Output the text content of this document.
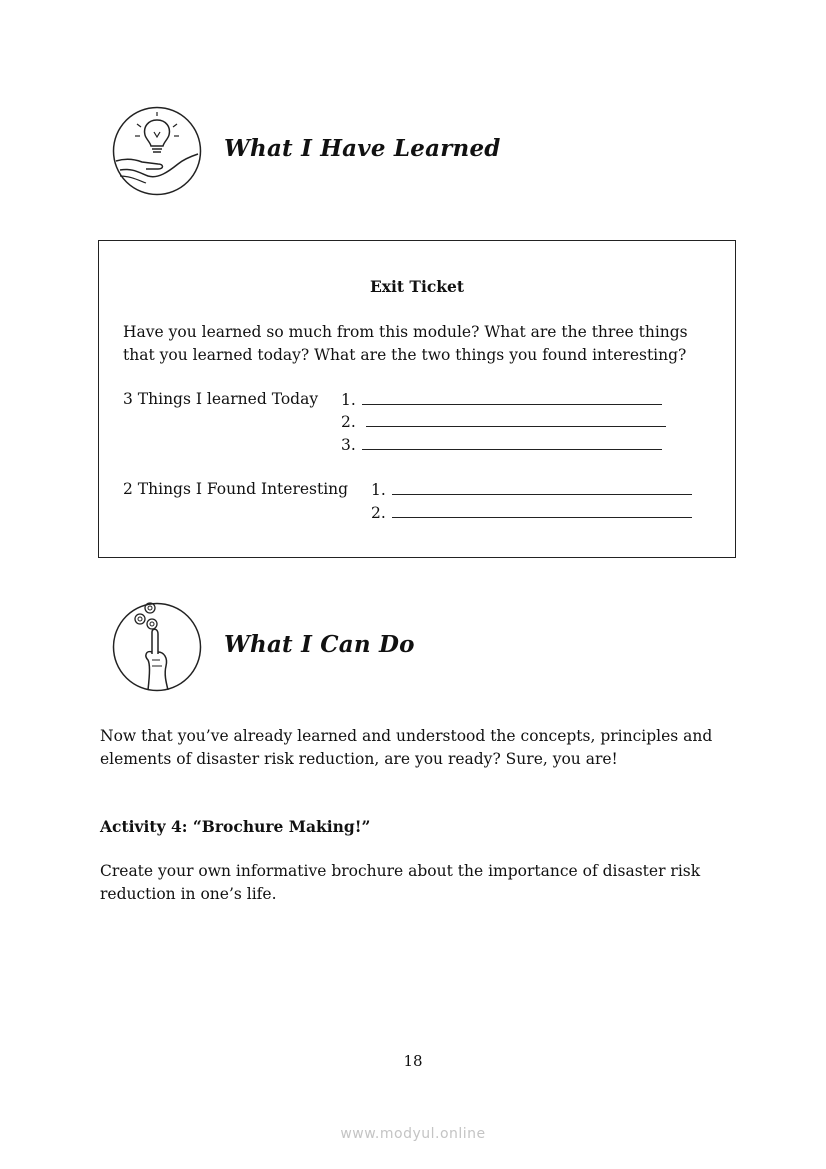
What I Have Learned
Exit Ticket
Have you learned so much from this module? What are the three things
that you learned today? What are the two things you found interesting?
3 Things I learned Today 1.
2.
3.
2 Things I Found Interesting 1.
2.
What I Can Do
Now that you’ve already learned and understood the concepts, principles and
elements of disaster risk reduction, are you ready? Sure, you are!
Activity 4: “Brochure Making!”
Create your own informative brochure about the importance of disaster risk
reduction in one’s life.
18
www.modyul.online
